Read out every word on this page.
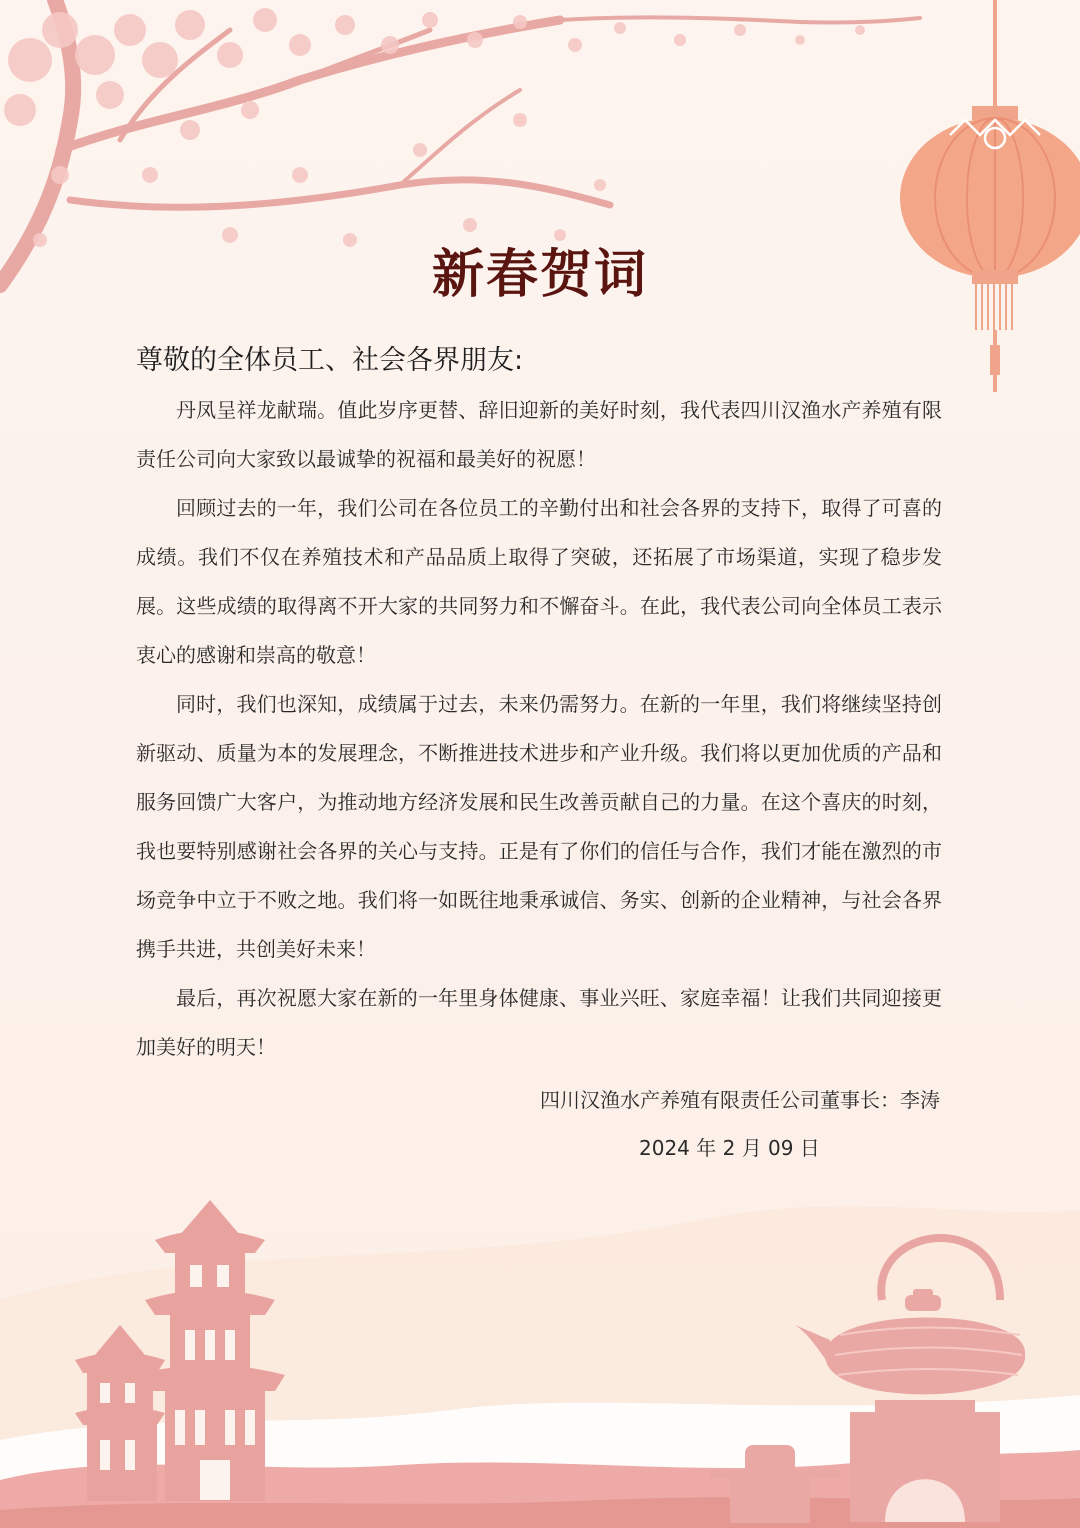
新春贺词
尊敬的全体员工、社会各界朋友:

丹凤呈祥龙献瑞。值此岁序更替、辞旧迎新的美好时刻，我代表四川汉渔水产养殖有限责任公司向大家致以最诚挚的祝福和最美好的祝愿！

回顾过去的一年，我们公司在各位员工的辛勤付出和社会各界的支持下，取得了可喜的成绩。我们不仅在养殖技术和产品品质上取得了突破，还拓展了市场渠道，实现了稳步发展。这些成绩的取得离不开大家的共同努力和不懈奋斗。在此，我代表公司向全体员工表示衷心的感谢和崇高的敬意！

同时，我们也深知，成绩属于过去，未来仍需努力。在新的一年里，我们将继续坚持创新驱动、质量为本的发展理念，不断推进技术进步和产业升级。我们将以更加优质的产品和服务回馈广大客户，为推动地方经济发展和民生改善贡献自己的力量。在这个喜庆的时刻，我也要特别感谢社会各界的关心与支持。正是有了你们的信任与合作，我们才能在激烈的市场竞争中立于不败之地。我们将一如既往地秉承诚信、务实、创新的企业精神，与社会各界携手共进，共创美好未来！

最后，再次祝愿大家在新的一年里身体健康、事业兴旺、家庭幸福！让我们共同迎接更加美好的明天！

四川汉渔水产养殖有限责任公司董事长：李涛
2024 年 2 月 09 日
